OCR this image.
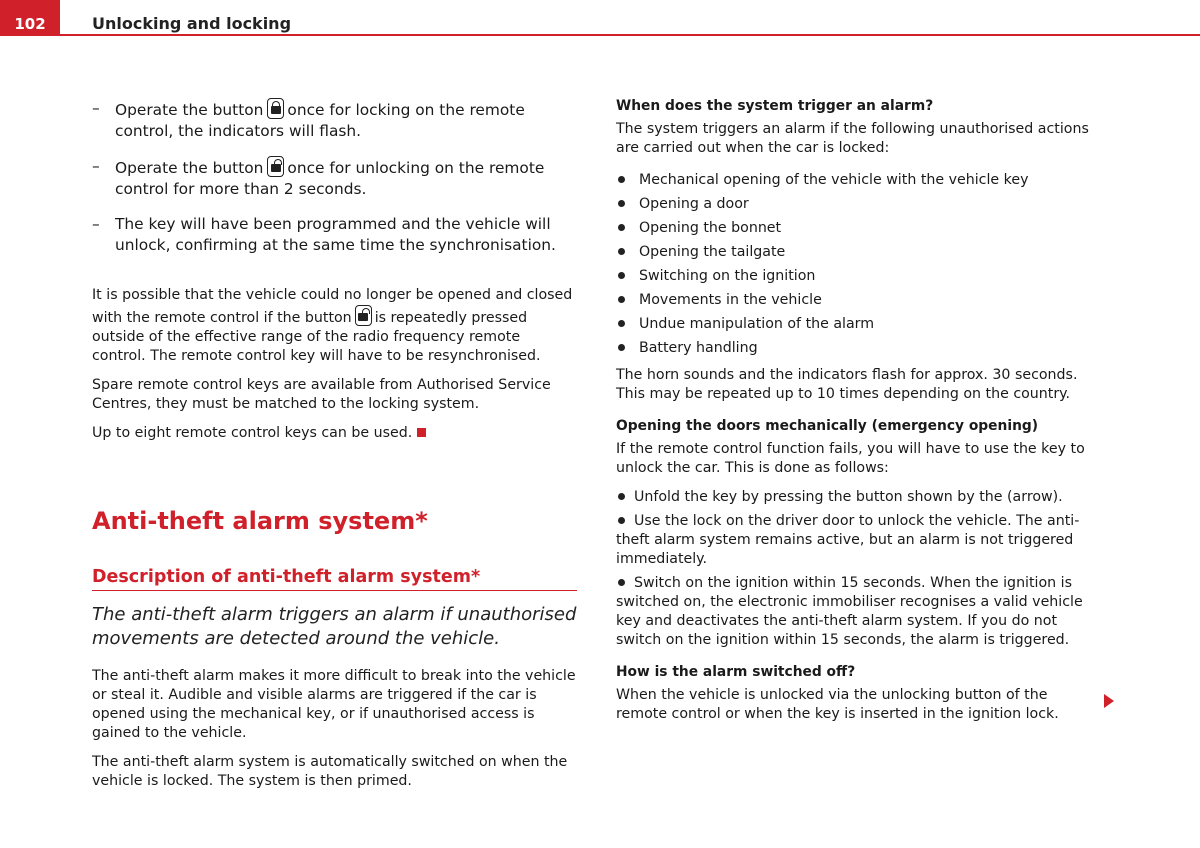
102	Unlocking and locking
– Operate the button once for locking on the remote control, the indicators will flash.
– Operate the button once for unlocking on the remote control for more than 2 seconds.
– The key will have been programmed and the vehicle will unlock, confirming at the same time the synchronisation.

It is possible that the vehicle could no longer be opened and closed with the remote control if the button is repeatedly pressed outside of the effective range of the radio frequency remote control. The remote control key will have to be resynchronised.

Spare remote control keys are available from Authorised Service Centres, they must be matched to the locking system.

Up to eight remote control keys can be used.

Anti-theft alarm system*
Description of anti-theft alarm system*

The anti-theft alarm triggers an alarm if unauthorised movements are detected around the vehicle.

The anti-theft alarm makes it more difficult to break into the vehicle or steal it. Audible and visible alarms are triggered if the car is opened using the mechanical key, or if unauthorised access is gained to the vehicle.

The anti-theft alarm system is automatically switched on when the vehicle is locked. The system is then primed.

When does the system trigger an alarm?

The system triggers an alarm if the following unauthorised actions are carried out when the car is locked:

Mechanical opening of the vehicle with the vehicle key
Opening a door
Opening the bonnet
Opening the tailgate
Switching on the ignition
Movements in the vehicle
Undue manipulation of the alarm
Battery handling

The horn sounds and the indicators flash for approx. 30 seconds. This may be repeated up to 10 times depending on the country.

Opening the doors mechanically (emergency opening)

If the remote control function fails, you will have to use the key to unlock the car. This is done as follows:

Unfold the key by pressing the button shown by the (arrow).

Use the lock on the driver door to unlock the vehicle. The anti-theft alarm system remains active, but an alarm is not triggered immediately.

Switch on the ignition within 15 seconds. When the ignition is switched on, the electronic immobiliser recognises a valid vehicle key and deactivates the anti-theft alarm system. If you do not switch on the ignition within 15 seconds, the alarm is triggered.

How is the alarm switched off?

When the vehicle is unlocked via the unlocking button of the remote control or when the key is inserted in the ignition lock.
